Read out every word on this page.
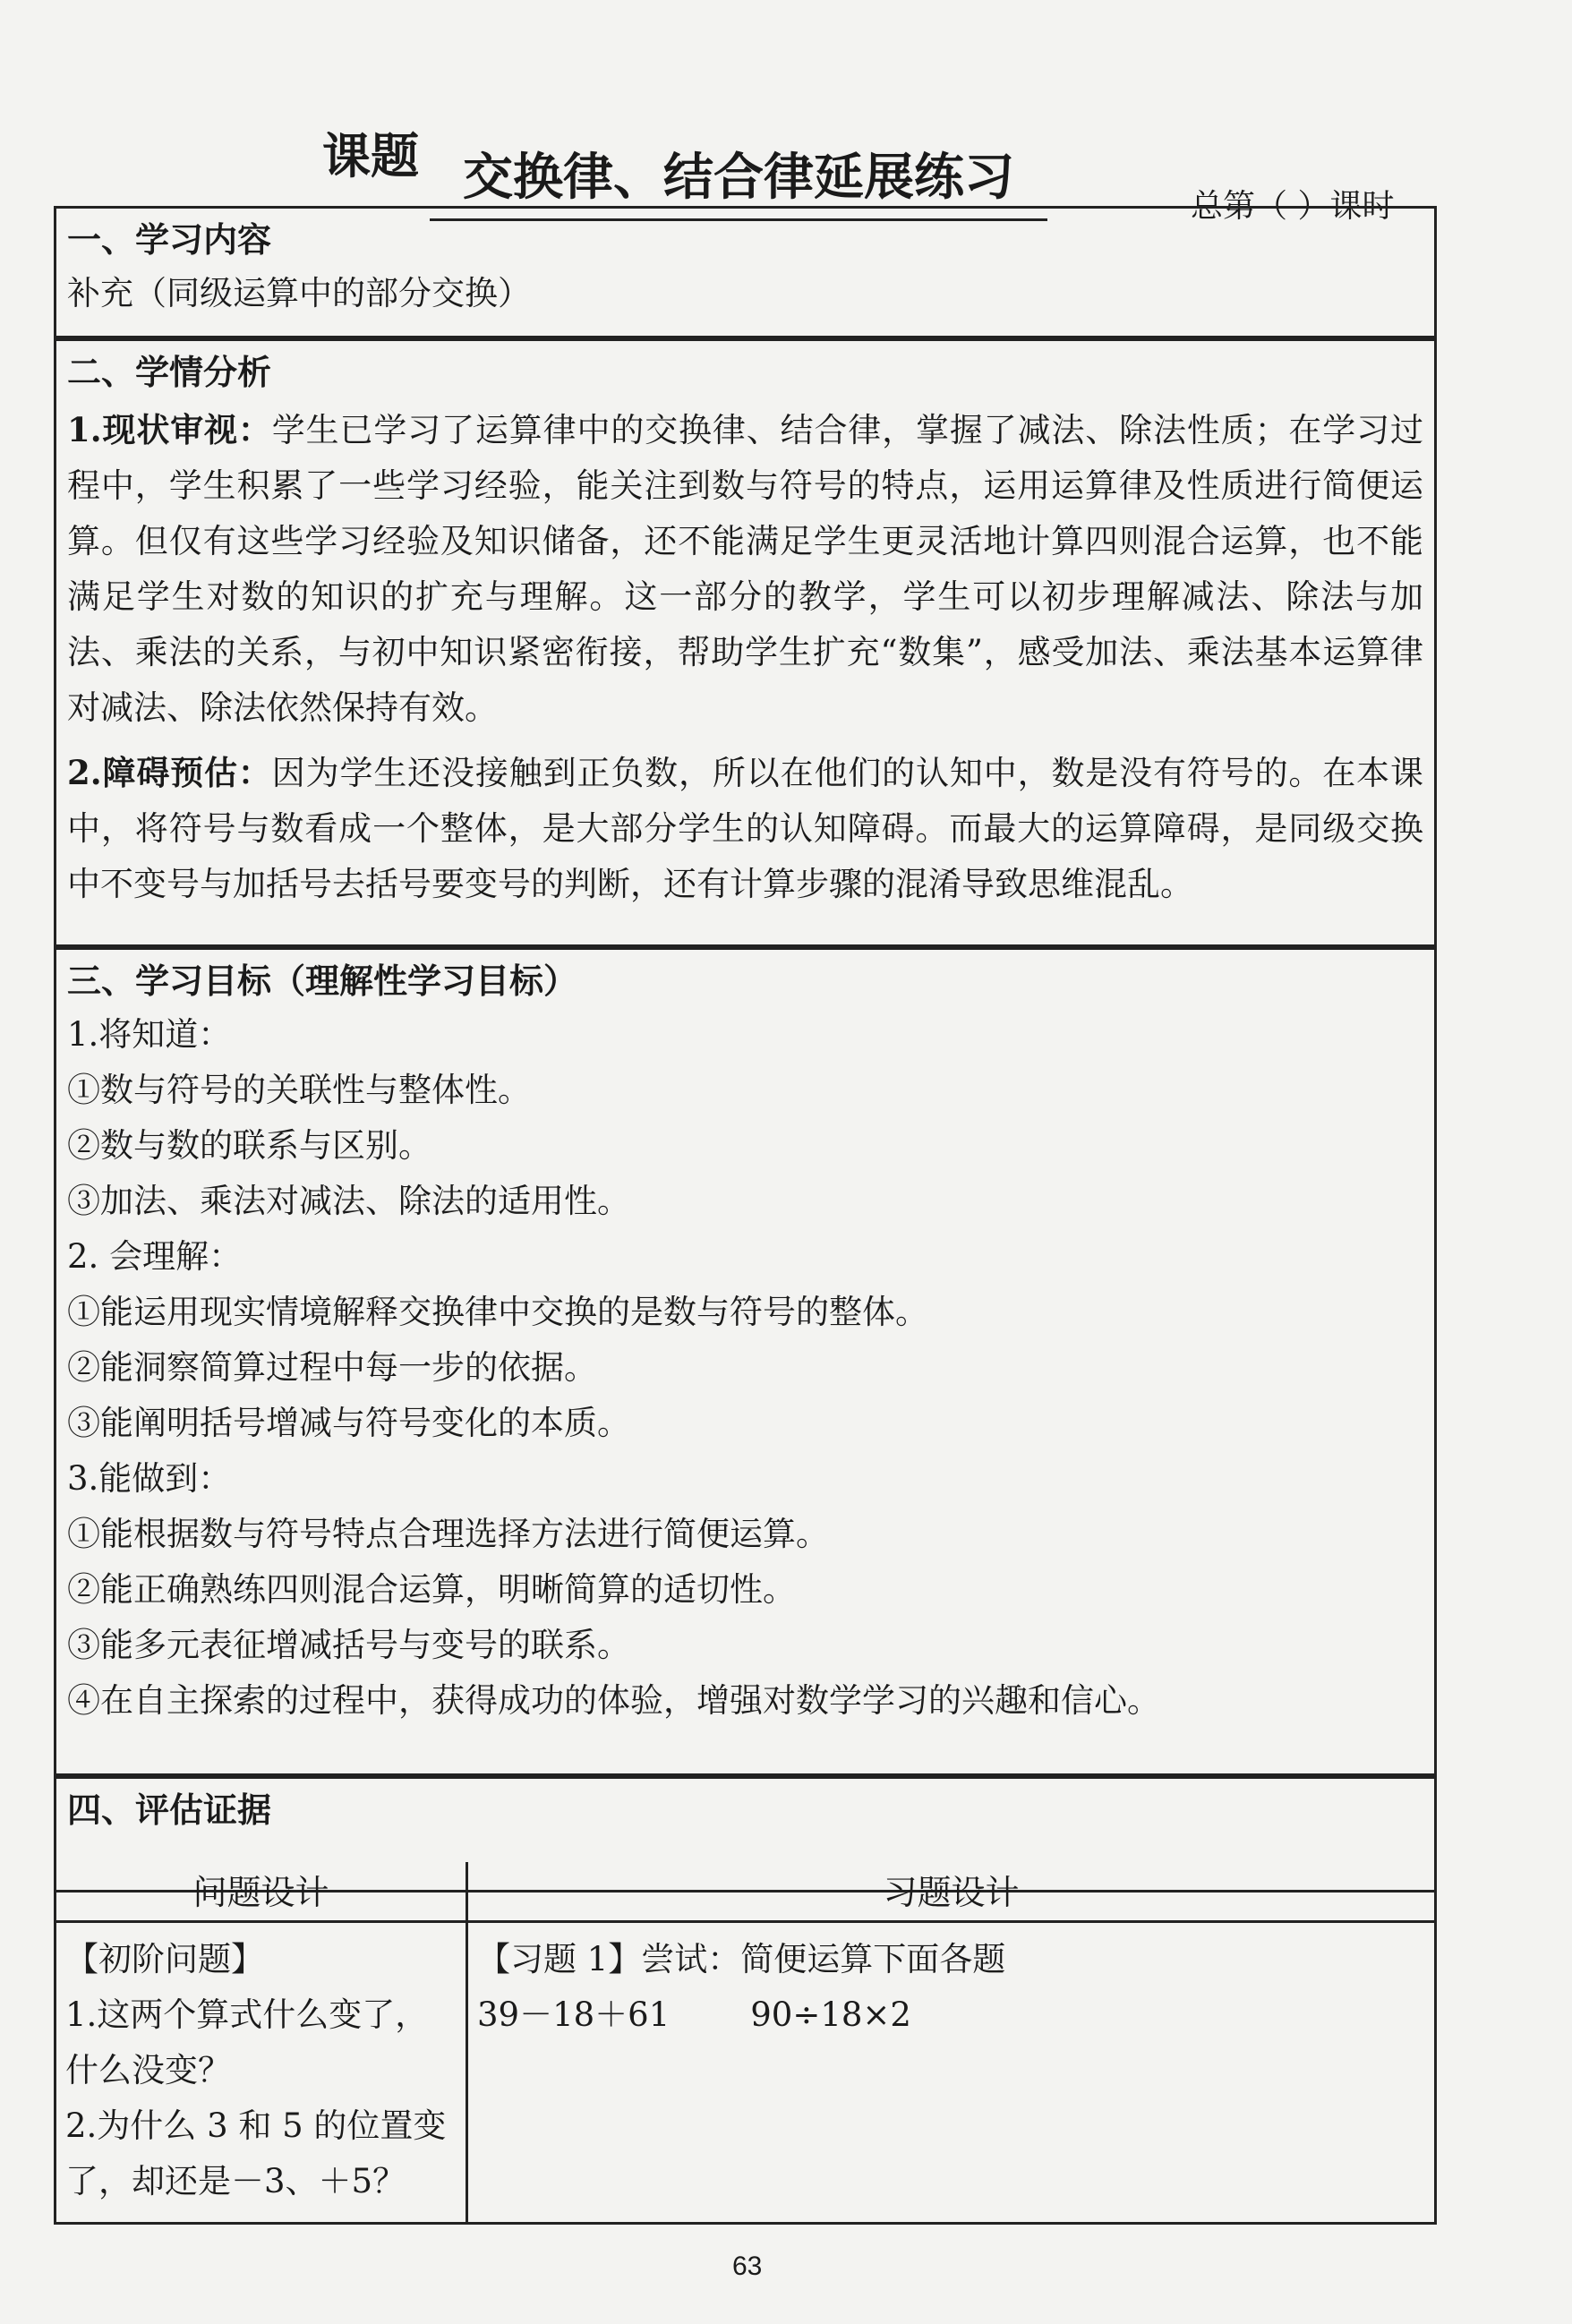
课题 交换律、结合律延展练习	总第（ ）课时
一、学习内容
补充（同级运算中的部分交换）
二、学情分析
1.现状审视：学生已学习了运算律中的交换律、结合律，掌握了减法、除法性质；在学习过程中，学生积累了一些学习经验，能关注到数与符号的特点，运用运算律及性质进行简便运算。但仅有这些学习经验及知识储备，还不能满足学生更灵活地计算四则混合运算，也不能满足学生对数的知识的扩充与理解。这一部分的教学，学生可以初步理解减法、除法与加法、乘法的关系，与初中知识紧密衔接，帮助学生扩充“数集”，感受加法、乘法基本运算律对减法、除法依然保持有效。
2.障碍预估：因为学生还没接触到正负数，所以在他们的认知中，数是没有符号的。在本课中，将符号与数看成一个整体，是大部分学生的认知障碍。而最大的运算障碍，是同级交换中不变号与加括号去括号要变号的判断，还有计算步骤的混淆导致思维混乱。
三、学习目标（理解性学习目标）
1.将知道：
①数与符号的关联性与整体性。
②数与数的联系与区别。
③加法、乘法对减法、除法的适用性。
2. 会理解：
①能运用现实情境解释交换律中交换的是数与符号的整体。
②能洞察简算过程中每一步的依据。
③能阐明括号增减与符号变化的本质。
3.能做到：
①能根据数与符号特点合理选择方法进行简便运算。
②能正确熟练四则混合运算，明晰简算的适切性。
③能多元表征增减括号与变号的联系。
④在自主探索的过程中，获得成功的体验，增强对数学学习的兴趣和信心。
四、评估证据
问题设计
【初阶问题】
1.这两个算式什么变了，
什么没变？
2.为什么 3 和 5 的位置变
了，却还是－3、＋5？
习题设计
【习题 1】尝试：简便运算下面各题
39－18＋61 90÷18×2
63
